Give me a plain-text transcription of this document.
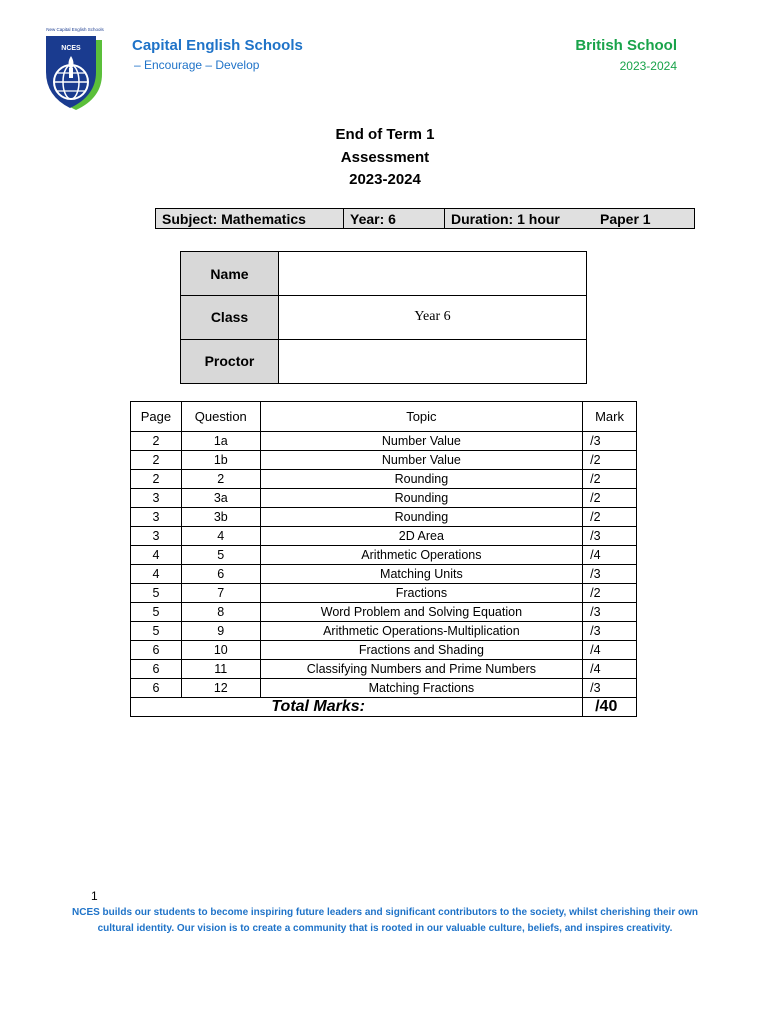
NCES
New Capital English Schools
Capital English Schools
– Encourage – Develop
British School
2023-2024
End of Term 1
Assessment
2023-2024
Subject: Mathematics	Year: 6	Duration: 1 hour	Paper 1
Name	
Class	Year 6
Proctor	
Page	Question	Topic	Mark
2	1a	Number Value	/3
2	1b	Number Value	/2
2	2	Rounding	/2
3	3a	Rounding	/2
3	3b	Rounding	/2
3	4	2D Area	/3
4	5	Arithmetic Operations	/4
4	6	Matching Units	/3
5	7	Fractions	/2
5	8	Word Problem and Solving Equation	/3
5	9	Arithmetic Operations-Multiplication	/3
6	10	Fractions and Shading	/4
6	11	Classifying Numbers and Prime Numbers	/4
6	12	Matching Fractions	/3
	Total Marks:		/40
1
NCES builds our students to become inspiring future leaders and significant contributors to the society, whilst cherishing their own cultural identity. Our vision is to create a community that is rooted in our valuable culture, beliefs, and inspires creativity.
